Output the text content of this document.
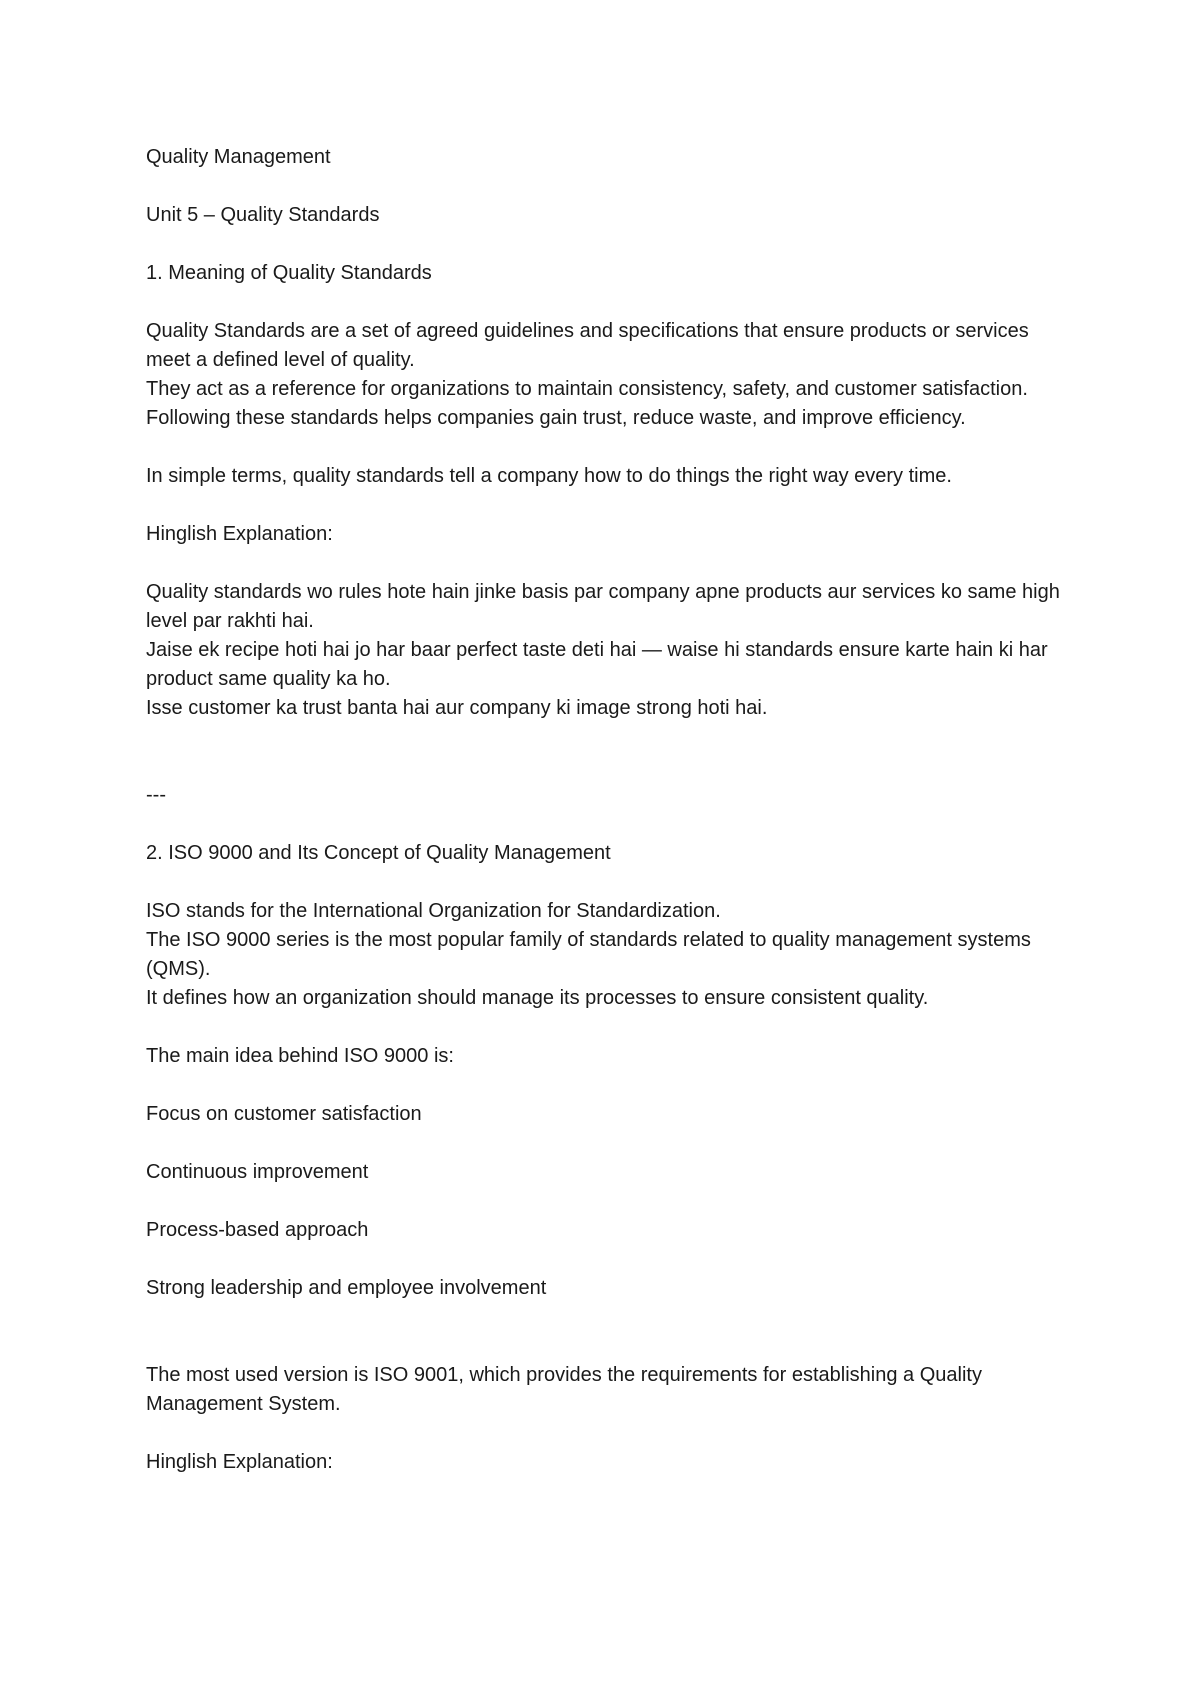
Quality Management

Unit 5 – Quality Standards

1. Meaning of Quality Standards

Quality Standards are a set of agreed guidelines and specifications that ensure products or services meet a defined level of quality.
They act as a reference for organizations to maintain consistency, safety, and customer satisfaction.
Following these standards helps companies gain trust, reduce waste, and improve efficiency.

In simple terms, quality standards tell a company how to do things the right way every time.

Hinglish Explanation:

Quality standards wo rules hote hain jinke basis par company apne products aur services ko same high level par rakhti hai.
Jaise ek recipe hoti hai jo har baar perfect taste deti hai — waise hi standards ensure karte hain ki har product same quality ka ho.
Isse customer ka trust banta hai aur company ki image strong hoti hai.

---

2. ISO 9000 and Its Concept of Quality Management

ISO stands for the International Organization for Standardization.
The ISO 9000 series is the most popular family of standards related to quality management systems (QMS).
It defines how an organization should manage its processes to ensure consistent quality.

The main idea behind ISO 9000 is:

Focus on customer satisfaction

Continuous improvement

Process-based approach

Strong leadership and employee involvement

The most used version is ISO 9001, which provides the requirements for establishing a Quality Management System.

Hinglish Explanation:
